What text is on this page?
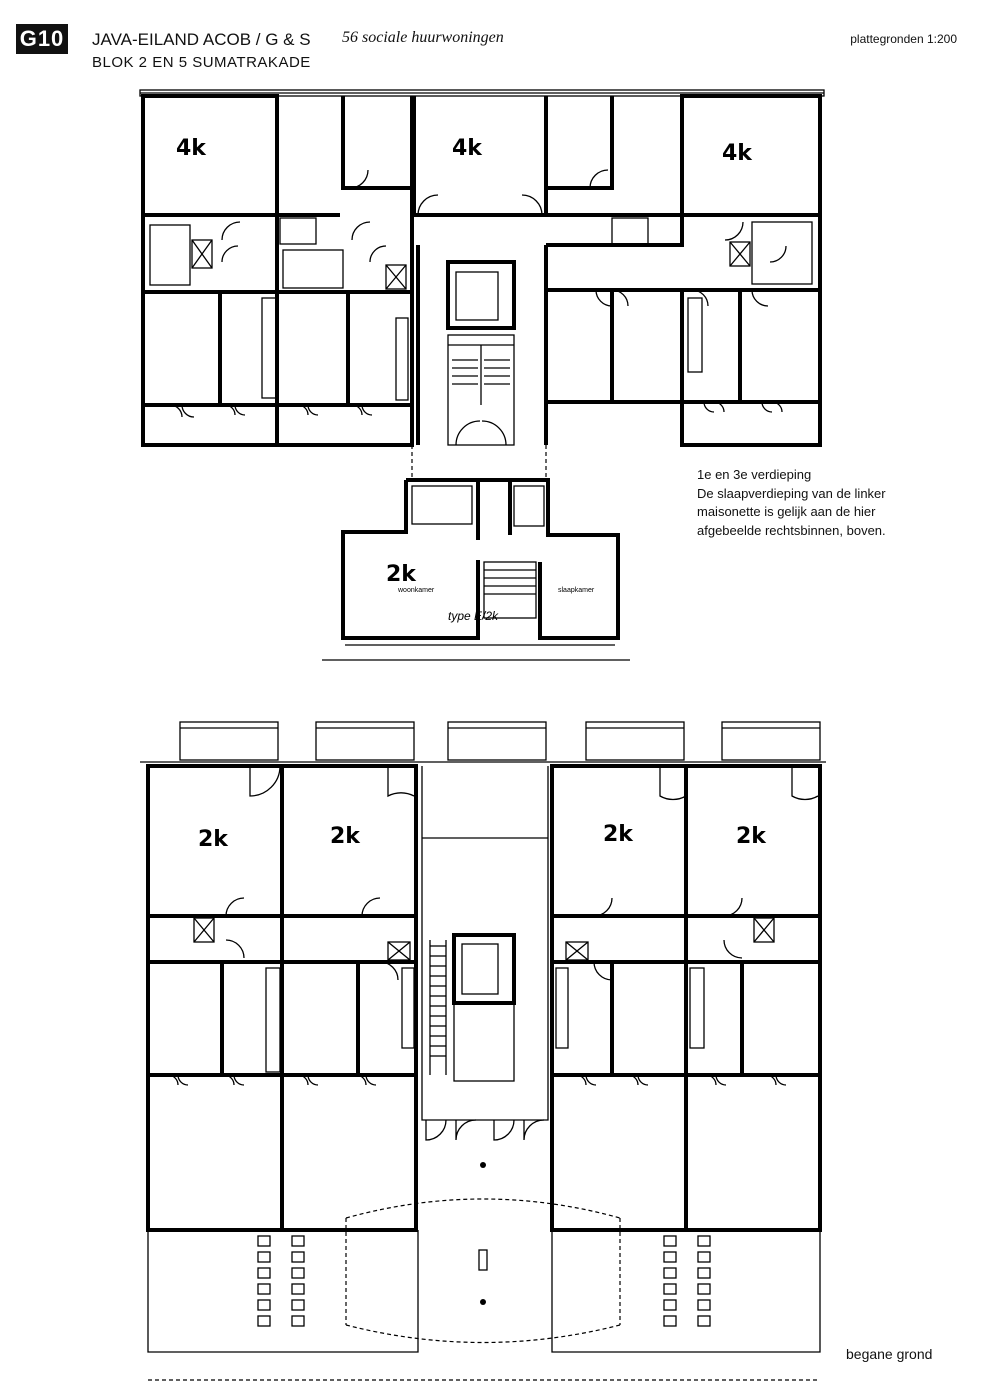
G10 JAVA-EILAND ACOB / G & S
BLOK 2 EN 5 SUMATRAKADE
56 sociale huurwoningen	plattegronden 1:200
4k	4k	4k
2k
woonkamer	slaapkamer
type E/2k
2k	2k	2k	2k
1e en 3e verdieping
De slaapverdieping van de linker
maisonette is gelijk aan de hier
afgebeelde rechtsbinnen, boven.
begane grond
